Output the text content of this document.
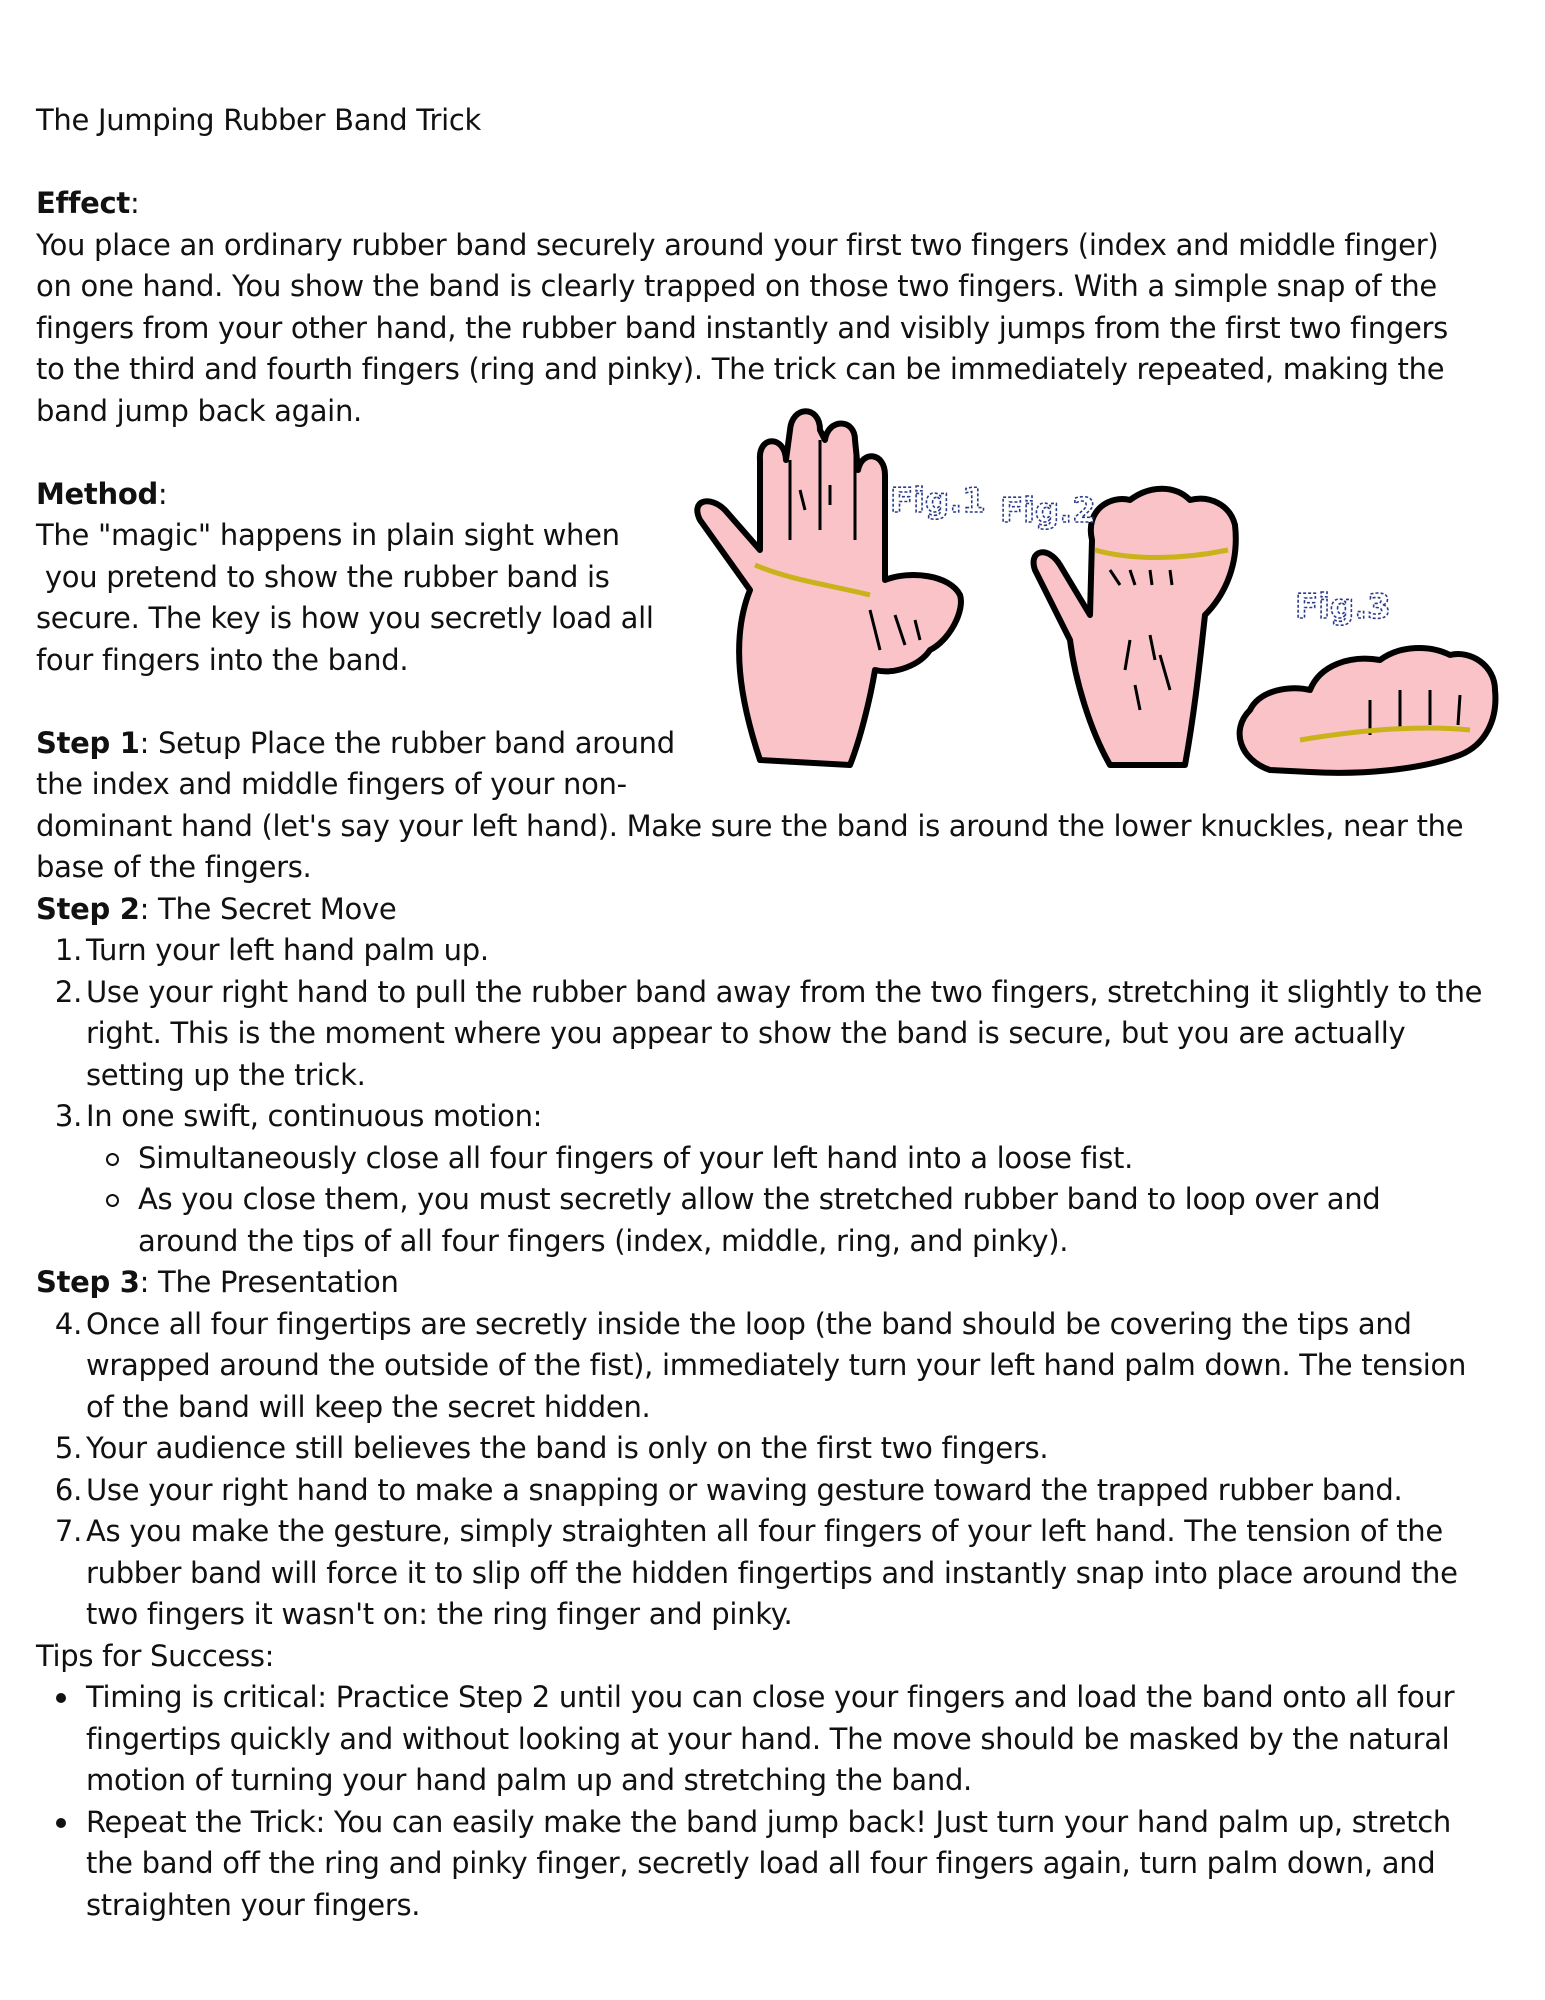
The Jumping Rubber Band Trick

Effect:

You place an ordinary rubber band securely around your first two fingers (index and middle finger)

on one hand. You show the band is clearly trapped on those two fingers. With a simple snap of the

fingers from your other hand, the rubber band instantly and visibly jumps from the first two fingers

to the third and fourth fingers (ring and pinky). The trick can be immediately repeated, making the

band jump back again.

Method:

The "magic" happens in plain sight when

you pretend to show the rubber band is

secure. The key is how you secretly load all

four fingers into the band.

Step 1: Setup Place the rubber band around

the index and middle fingers of your non-

dominant hand (let's say your left hand). Make sure the band is around the lower knuckles, near the

base of the fingers.

Step 2: The Secret Move

1. Turn your left hand palm up.

2. Use your right hand to pull the rubber band away from the two fingers, stretching it slightly to the

right. This is the moment where you appear to show the band is secure, but you are actually

setting up the trick.

3. In one swift, continuous motion:

Simultaneously close all four fingers of your left hand into a loose fist.

As you close them, you must secretly allow the stretched rubber band to loop over and

around the tips of all four fingers (index, middle, ring, and pinky).

Step 3: The Presentation

4. Once all four fingertips are secretly inside the loop (the band should be covering the tips and

wrapped around the outside of the fist), immediately turn your left hand palm down. The tension

of the band will keep the secret hidden.

5. Your audience still believes the band is only on the first two fingers.

6. Use your right hand to make a snapping or waving gesture toward the trapped rubber band.

7. As you make the gesture, simply straighten all four fingers of your left hand. The tension of the

rubber band will force it to slip off the hidden fingertips and instantly snap into place around the

two fingers it wasn't on: the ring finger and pinky.

Tips for Success:

Timing is critical: Practice Step 2 until you can close your fingers and load the band onto all four

fingertips quickly and without looking at your hand. The move should be masked by the natural

motion of turning your hand palm up and stretching the band.

Repeat the Trick: You can easily make the band jump back! Just turn your hand palm up, stretch

the band off the ring and pinky finger, secretly load all four fingers again, turn palm down, and

straighten your fingers.

Fig.1 Fig.2
Fig.3
